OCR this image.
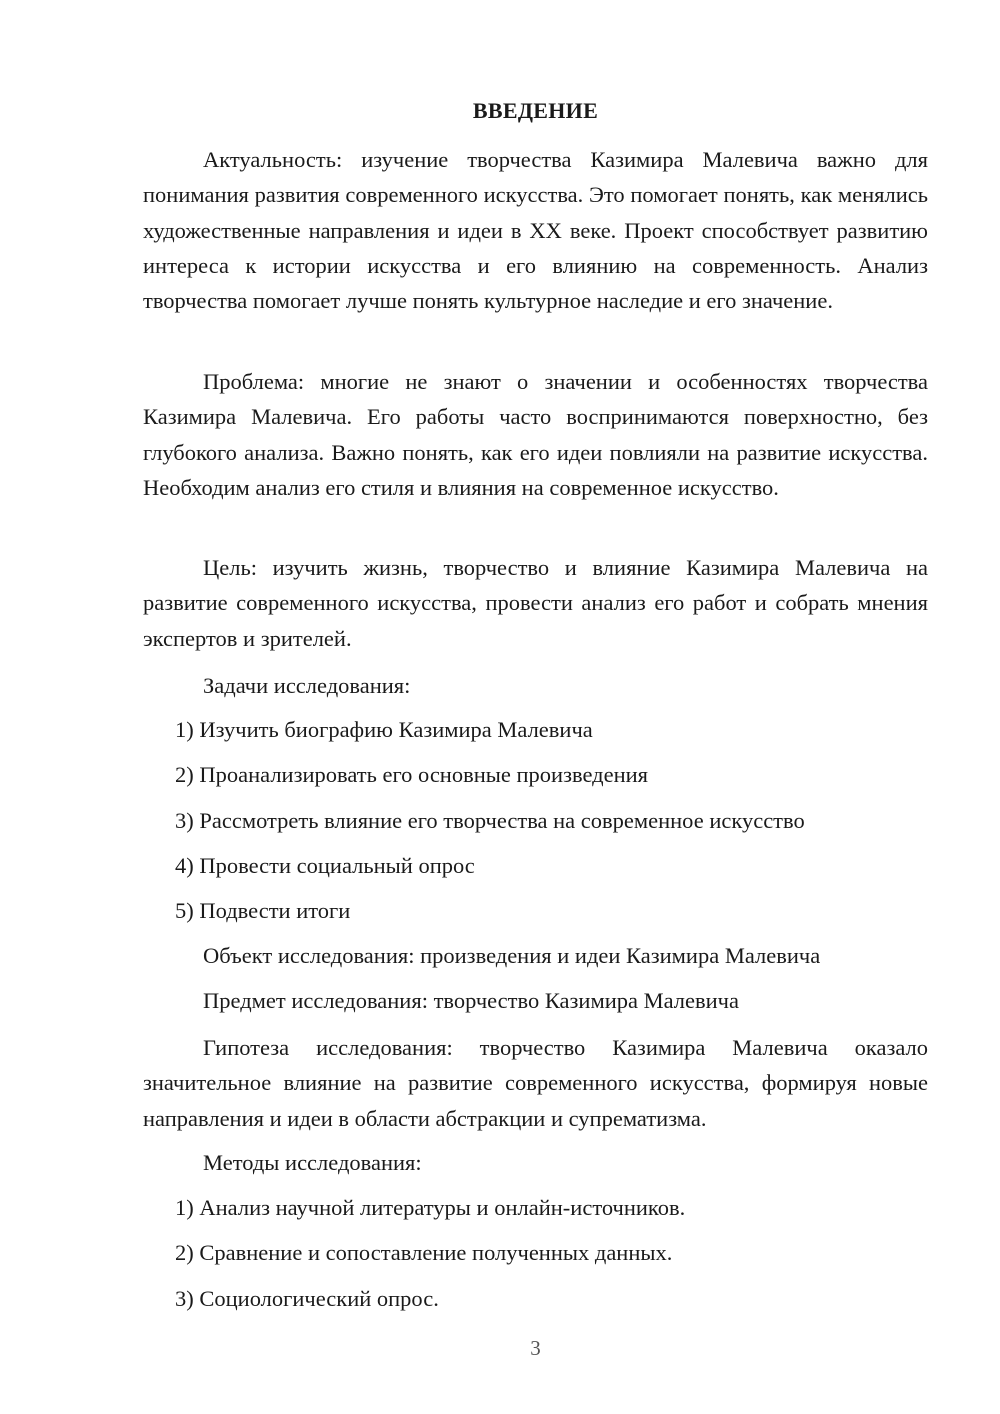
ВВЕДЕНИЕ

Актуальность: изучение творчества Казимира Малевича важно для понимания развития современного искусства. Это помогает понять, как менялись художественные направления и идеи в XX веке. Проект способствует развитию интереса к истории искусства и его влиянию на современность. Анализ творчества помогает лучше понять культурное наследие и его значение.

Проблема: многие не знают о значении и особенностях творчества Казимира Малевича. Его работы часто воспринимаются поверхностно, без глубокого анализа. Важно понять, как его идеи повлияли на развитие искусства. Необходим анализ его стиля и влияния на современное искусство.

Цель: изучить жизнь, творчество и влияние Казимира Малевича на развитие современного искусства, провести анализ его работ и собрать мнения экспертов и зрителей.

Задачи исследования:

1) Изучить биографию Казимира Малевича

2) Проанализировать его основные произведения

3) Рассмотреть влияние его творчества на современное искусство

4) Провести социальный опрос

5) Подвести итоги

Объект исследования: произведения и идеи Казимира Малевича

Предмет исследования: творчество Казимира Малевича

Гипотеза исследования: творчество Казимира Малевича оказало значительное влияние на развитие современного искусства, формируя новые направления и идеи в области абстракции и супрематизма.

Методы исследования:

1) Анализ научной литературы и онлайн-источников.

2) Сравнение и сопоставление полученных данных.

3) Социологический опрос.

3
